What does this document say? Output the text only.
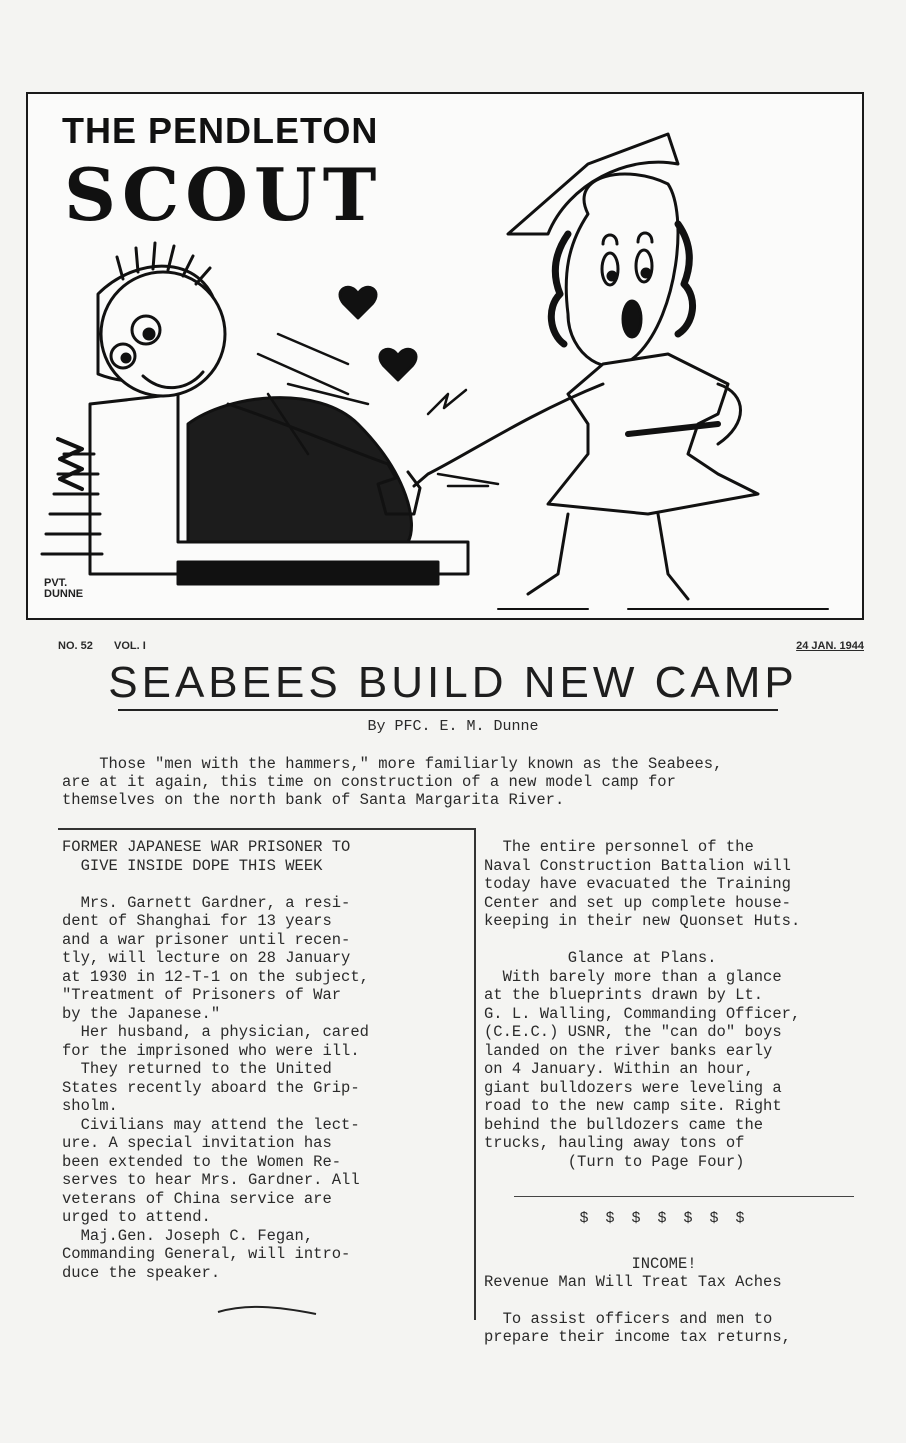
THE PENDLETON
SCOUT
PVT.
DUNNE
NO. 52 VOL. I	24 JAN. 1944
SEABEES BUILD NEW CAMP
By PFC. E. M. Dunne
Those "men with the hammers," more familiarly known as the Seabees,
are at it again, this time on construction of a new model camp for
themselves on the north bank of Santa Margarita River.
FORMER JAPANESE WAR PRISONER TO
GIVE INSIDE DOPE THIS WEEK

Mrs. Garnett Gardner, a resi-
dent of Shanghai for 13 years
and a war prisoner until recen-
tly, will lecture on 28 January
at 1930 in 12-T-1 on the subject,
"Treatment of Prisoners of War
by the Japanese."
Her husband, a physician, cared
for the imprisoned who were ill.
They returned to the United
States recently aboard the Grip-
sholm.
Civilians may attend the lect-
ure. A special invitation has
been extended to the Women Re-
serves to hear Mrs. Gardner. All
veterans of China service are
urged to attend.
Maj.Gen. Joseph C. Fegan,
Commanding General, will intro-
duce the speaker.
The entire personnel of the
Naval Construction Battalion will
today have evacuated the Training
Center and set up complete house-
keeping in their new Quonset Huts.

Glance at Plans.
With barely more than a glance
at the blueprints drawn by Lt.
G. L. Walling, Commanding Officer,
(C.E.C.) USNR, the "can do" boys
landed on the river banks early
on 4 January. Within an hour,
giant bulldozers were leveling a
road to the new camp site. Right
behind the bulldozers came the
trucks, hauling away tons of
(Turn to Page Four)
$ $ $ $ $ $ $

INCOME!
Revenue Man Will Treat Tax Aches
To assist officers and men to
prepare their income tax returns,
